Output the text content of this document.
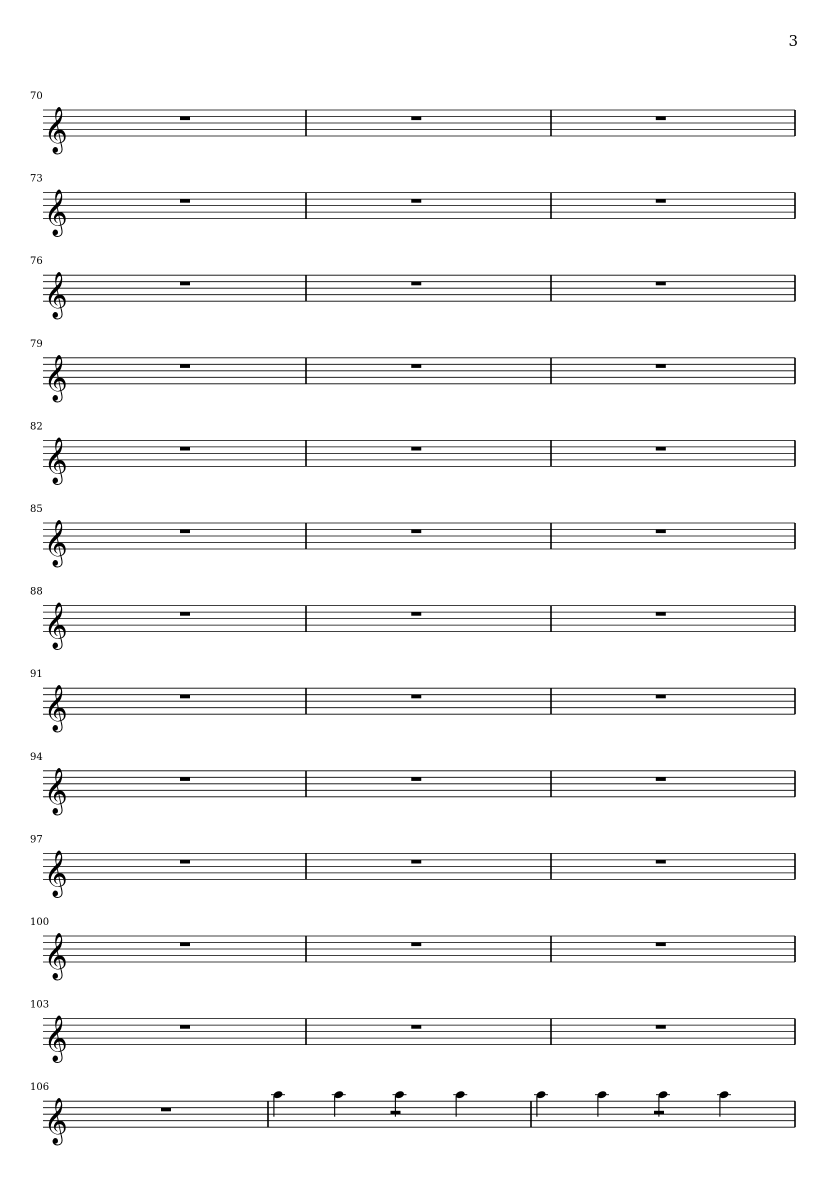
3
70
𝄞
73
𝄞
76
𝄞
79
𝄞
82
𝄞
85
𝄞
88
𝄞
91
𝄞
94
𝄞
97
𝄞
100
𝄞
103
𝄞
106
𝄞
